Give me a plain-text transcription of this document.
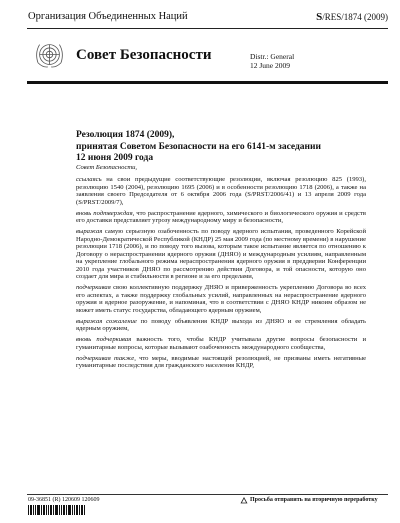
Организация Объединенных Наций	S/RES/1874 (2009)
Совет Безопасности	Distr.: General
12 June 2009
Резолюция 1874 (2009),
принятая Советом Безопасности на его 6141-м заседании
12 июня 2009 года

Совет Безопасности,

ссылаясь на свои предыдущие соответствующие резолюции, включая резолюцию 825 (1993), резолюцию 1540 (2004), резолюцию 1695 (2006) и в особенности резолюцию 1718 (2006), а также на заявления своего Председателя от 6 октября 2006 года (S/PRST/2006/41) и 13 апреля 2009 года (S/PRST/2009/7),

вновь подтверждая, что распространение ядерного, химического и биологического оружия и средств его доставки представляет угрозу международному миру и безопасности,

выражая самую серьезную озабоченность по поводу ядерного испытания, проведенного Корейской Народно-Демократической Республикой (КНДР) 25 мая 2009 года (по местному времени) в нарушение резолюции 1718 (2006), и по поводу того вызова, которым такое испытание является по отношению к Договору о нераспространении ядерного оружия (ДНЯО) и международным усилиям, направленным на укрепление глобального режима нераспространения ядерного оружия в преддверии Конференции 2010 года участников ДНЯО по рассмотрению действия Договора, и той опасности, которую оно создает для мира и стабильности в регионе и за его пределами,

подчеркивая свою коллективную поддержку ДНЯО и приверженность укреплению Договора во всех его аспектах, а также поддержку глобальных усилий, направленных на нераспространение ядерного оружия и ядерное разоружение, и напоминая, что в соответствии с ДНЯО КНДР никоим образом не может иметь статус государства, обладающего ядерным оружием,

выражая сожаление по поводу объявления КНДР выхода из ДНЯО и ее стремления обладать ядерным оружием,

вновь подчеркивая важность того, чтобы КНДР учитывала другие вопросы безопасности и гуманитарные вопросы, которые вызывают озабоченность международного сообщества,

подчеркивая также, что меры, вводимые настоящей резолюцией, не призваны иметь негативные гуманитарные последствия для гражданского населения КНДР,

09-36851 (R) 120609 120609	Просьба отправить на вторичную переработку
